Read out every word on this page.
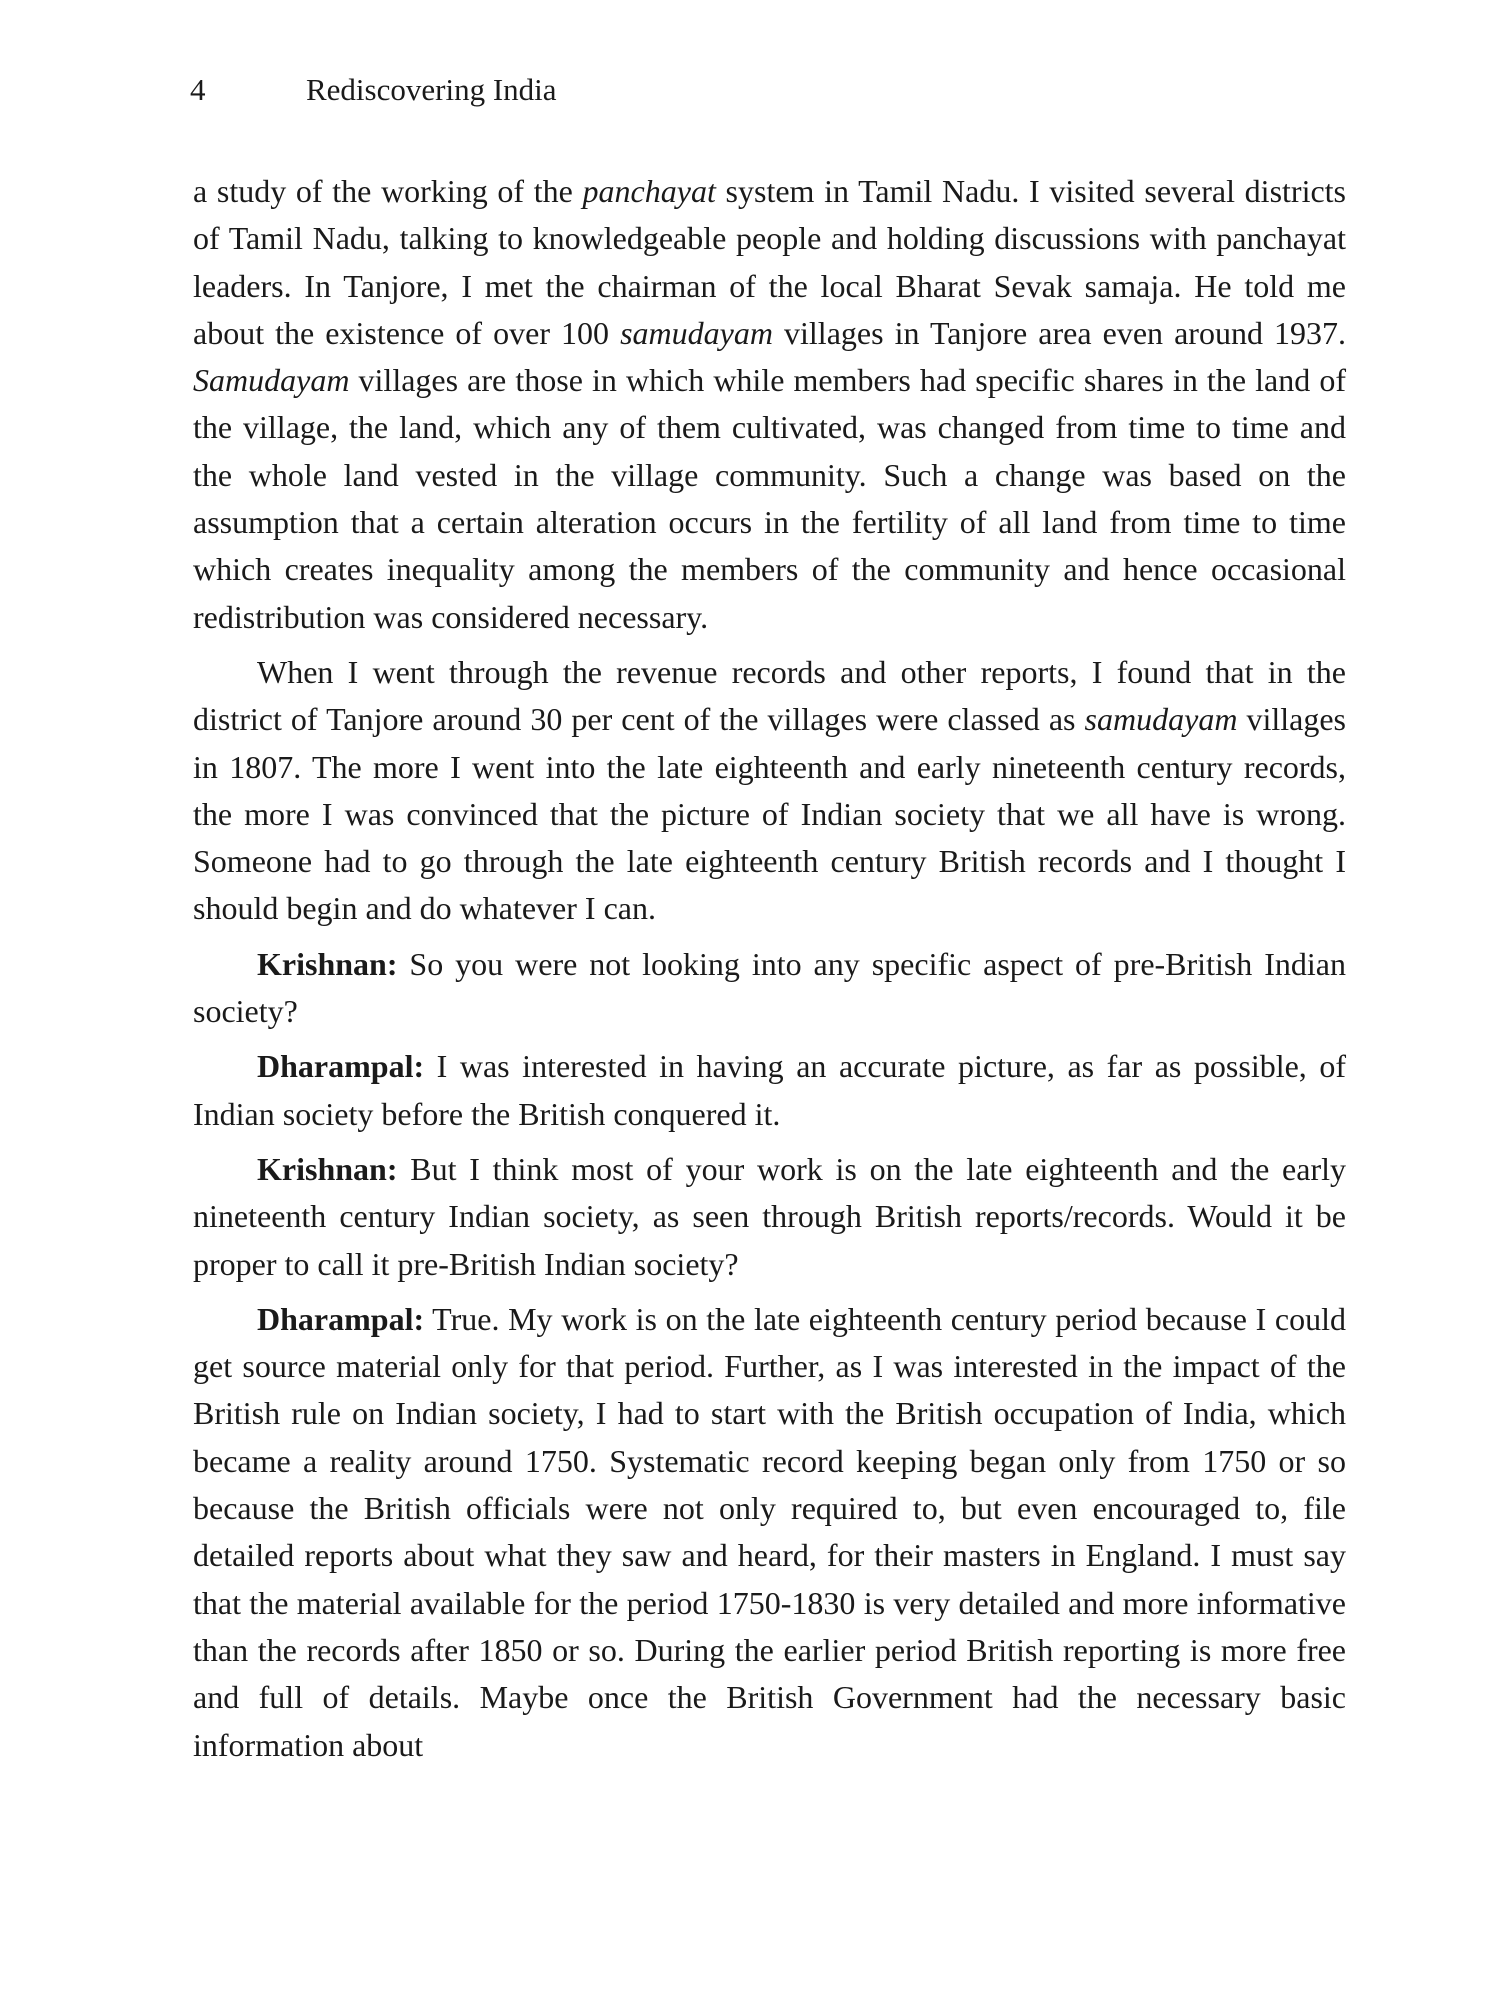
4	Rediscovering India

a study of the working of the panchayat system in Tamil Nadu. I visited several districts of Tamil Nadu, talking to knowledgeable people and holding discussions with panchayat leaders. In Tanjore, I met the chairman of the local Bharat Sevak samaja. He told me about the existence of over 100 samudayam villages in Tanjore area even around 1937. Samudayam villages are those in which while members had specific shares in the land of the village, the land, which any of them cultivated, was changed from time to time and the whole land vested in the village community. Such a change was based on the assumption that a certain alteration occurs in the fertility of all land from time to time which creates inequality among the members of the community and hence occasional redistribution was considered necessary.

When I went through the revenue records and other reports, I found that in the district of Tanjore around 30 per cent of the villages were classed as samudayam villages in 1807. The more I went into the late eighteenth and early nineteenth century records, the more I was convinced that the picture of Indian society that we all have is wrong. Someone had to go through the late eighteenth century British records and I thought I should begin and do whatever I can.

Krishnan: So you were not looking into any specific aspect of pre-British Indian society?

Dharampal: I was interested in having an accurate picture, as far as possible, of Indian society before the British conquered it.

Krishnan: But I think most of your work is on the late eighteenth and the early nineteenth century Indian society, as seen through British reports/records. Would it be proper to call it pre-British Indian society?

Dharampal: True. My work is on the late eighteenth century period because I could get source material only for that period. Further, as I was interested in the impact of the British rule on Indian society, I had to start with the British occupation of India, which became a reality around 1750. Systematic record keeping began only from 1750 or so because the British officials were not only required to, but even encouraged to, file detailed reports about what they saw and heard, for their masters in England. I must say that the material available for the period 1750-1830 is very detailed and more informative than the records after 1850 or so. During the earlier period British reporting is more free and full of details. Maybe once the British Government had the necessary basic information about
